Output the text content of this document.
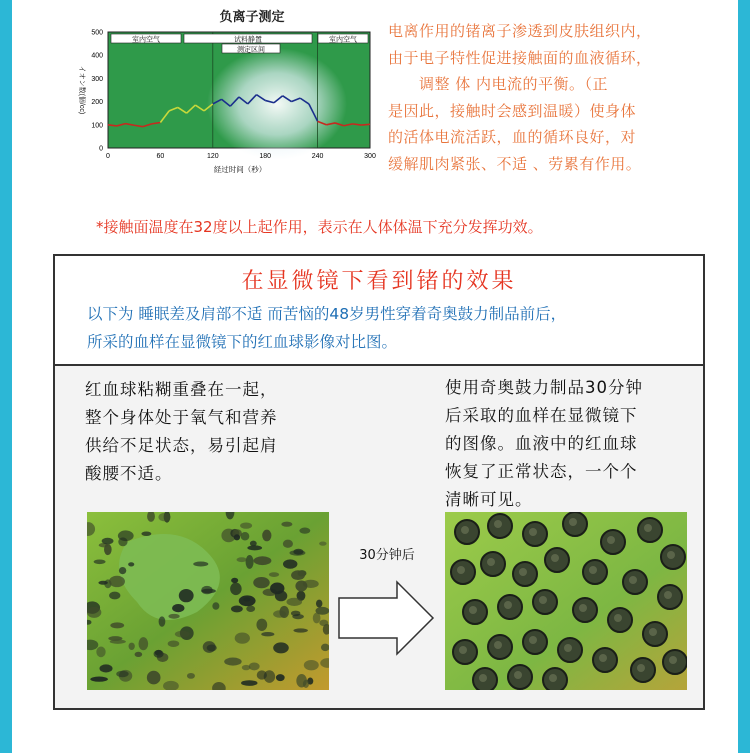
负离子测定
室内空气	试料静置
测定区间
室内空气
0	60	120	180	240	300
0
100
200
300
400
500
イオン数(個/cc)
経过时间（秒）
电离作用的锗离子渗透到皮肤组织内，
由于电子特性促进接触面的血液循环，
　　调整 体 内电流的平衡。（正
是因此，接触时会感到温暖）使身体
的活体电流活跃，血的循环良好，对
缓解肌肉紧张、不适 、劳累有作用。
*接触面温度在32度以上起作用，表示在人体体温下充分发挥功效。
在显微镜下看到锗的效果
以下为 睡眠差及肩部不适 而苦恼的48岁男性穿着奇奥鼓力制品前后，
所采的血样在显微镜下的红血球影像对比图。
红血球粘糊重叠在一起，
整个身体处于氧气和营养
供给不足状态，易引起肩
酸腰不适。
使用奇奥鼓力制品30分钟
后采取的血样在显微镜下
的图像。血液中的红血球
恢复了正常状态，一个个
清晰可见。
30分钟后
